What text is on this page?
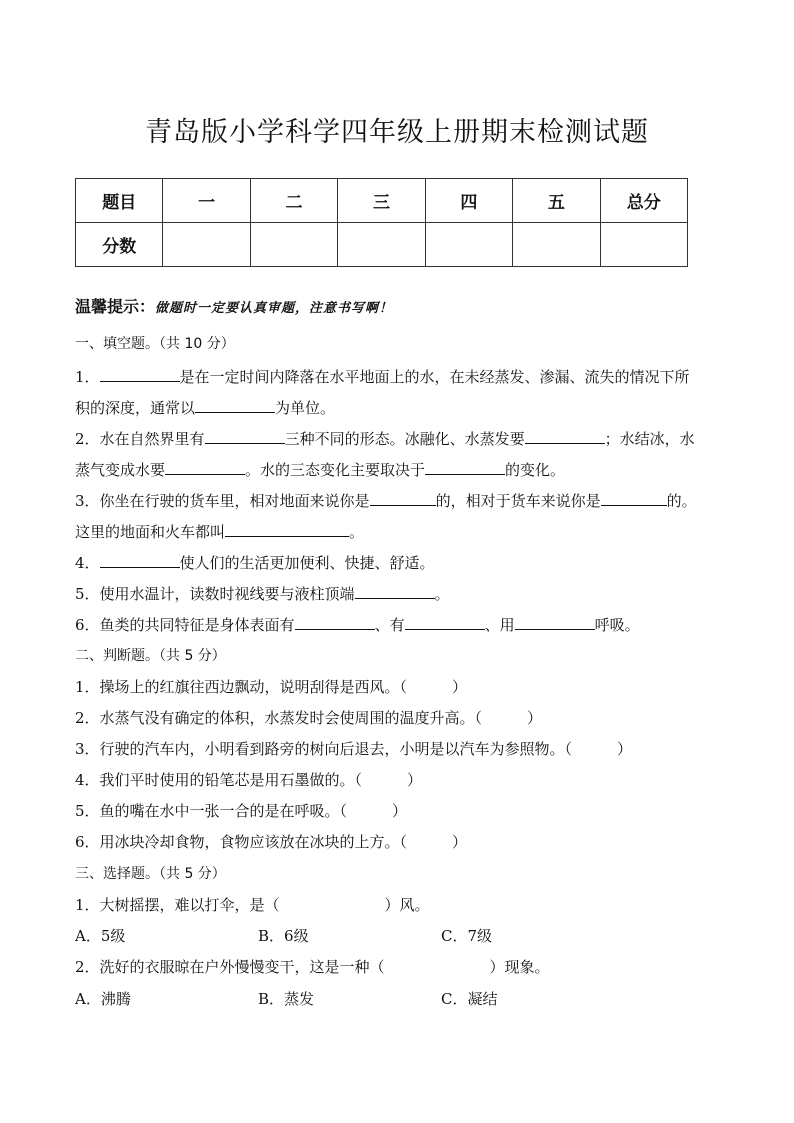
青岛版小学科学四年级上册期末检测试题
题目	一	二	三	四	五	总分
分数						
温馨提示：做题时一定要认真审题，注意书写啊！
一、填空题。（共 10 分）
1．	是在一定时间内降落在水平地面上的水，在未经蒸发、渗漏、流失的情况下所
积的深度，通常以	为单位。
2．水在自然界里有	三种不同的形态。冰融化、水蒸发要	；水结冰，水
蒸气变成水要	。水的三态变化主要取决于	的变化。
3．你坐在行驶的货车里，相对地面来说你是	的，相对于货车来说你是	的。
这里的地面和火车都叫	。
4．	使人们的生活更加便利、快捷、舒适。
5．使用水温计，读数时视线要与液柱顶端	。
6．鱼类的共同特征是身体表面有	、有	、用	呼吸。
二、判断题。（共 5 分）
1．操场上的红旗往西边飘动，说明刮得是西风。（　　　）
2．水蒸气没有确定的体积，水蒸发时会使周围的温度升高。（　　　）
3．行驶的汽车内，小明看到路旁的树向后退去，小明是以汽车为参照物。（　　　）
4．我们平时使用的铅笔芯是用石墨做的。（　　　）
5．鱼的嘴在水中一张一合的是在呼吸。（　　　）
6．用冰块冷却食物，食物应该放在冰块的上方。（　　　）
三、选择题。（共 5 分）
1．大树摇摆，难以打伞，是（　　　　　　　）风。
A．5级	B．6级	C．7级
2．洗好的衣服晾在户外慢慢变干，这是一种（　　　　　　　）现象。
A．沸腾	B．蒸发	C．凝结
